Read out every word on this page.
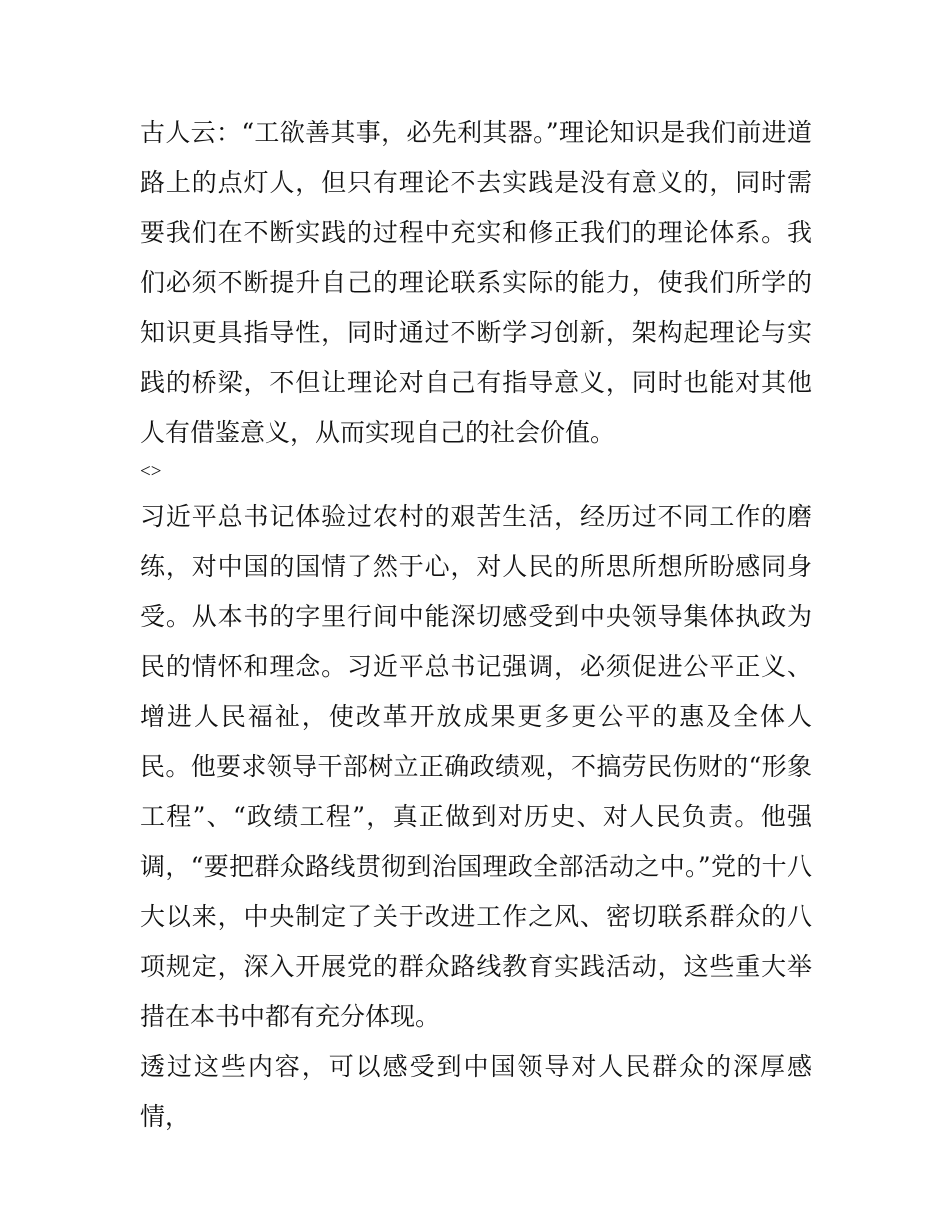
古人云：“工欲善其事，必先利其器。”理论知识是我们前进道路上的点灯人，但只有理论不去实践是没有意义的，同时需要我们在不断实践的过程中充实和修正我们的理论体系。我们必须不断提升自己的理论联系实际的能力，使我们所学的知识更具指导性，同时通过不断学习创新，架构起理论与实践的桥梁，不但让理论对自己有指导意义，同时也能对其他人有借鉴意义，从而实现自己的社会价值。

<>

习近平总书记体验过农村的艰苦生活，经历过不同工作的磨练，对中国的国情了然于心，对人民的所思所想所盼感同身受。从本书的字里行间中能深切感受到中央领导集体执政为民的情怀和理念。习近平总书记强调，必须促进公平正义、增进人民福祉，使改革开放成果更多更公平的惠及全体人民。他要求领导干部树立正确政绩观，不搞劳民伤财的“形象工程”、“政绩工程”，真正做到对历史、对人民负责。他强调，“要把群众路线贯彻到治国理政全部活动之中。”党的十八大以来，中央制定了关于改进工作之风、密切联系群众的八项规定，深入开展党的群众路线教育实践活动，这些重大举措在本书中都有充分体现。

透过这些内容，可以感受到中国领导对人民群众的深厚感情，
